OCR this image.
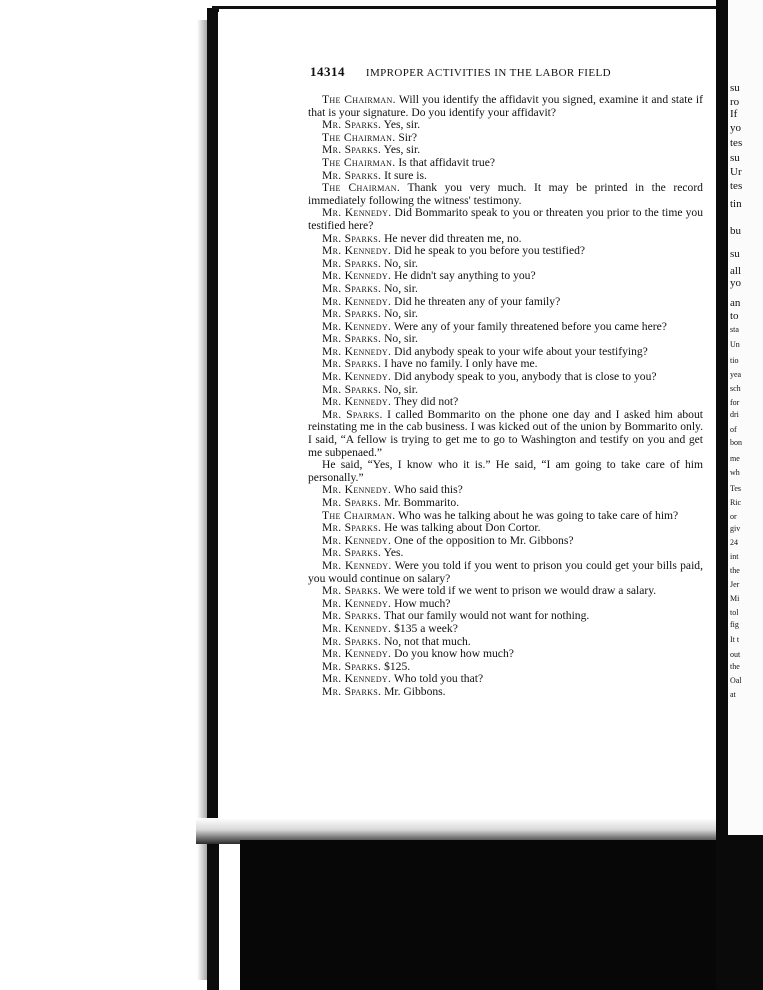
14314 IMPROPER ACTIVITIES IN THE LABOR FIELD

The Chairman. Will you identify the affidavit you signed, examine it and state if that is your signature. Do you identify your affidavit?

Mr. Sparks. Yes, sir.

The Chairman. Sir?

Mr. Sparks. Yes, sir.

The Chairman. Is that affidavit true?

Mr. Sparks. It sure is.

The Chairman. Thank you very much. It may be printed in the record immediately following the witness' testimony.

Mr. Kennedy. Did Bommarito speak to you or threaten you prior to the time you testified here?

Mr. Sparks. He never did threaten me, no.

Mr. Kennedy. Did he speak to you before you testified?

Mr. Sparks. No, sir.

Mr. Kennedy. He didn't say anything to you?

Mr. Sparks. No, sir.

Mr. Kennedy. Did he threaten any of your family?

Mr. Sparks. No, sir.

Mr. Kennedy. Were any of your family threatened before you came here?

Mr. Sparks. No, sir.

Mr. Kennedy. Did anybody speak to your wife about your testifying?

Mr. Sparks. I have no family. I only have me.

Mr. Kennedy. Did anybody speak to you, anybody that is close to you?

Mr. Sparks. No, sir.

Mr. Kennedy. They did not?

Mr. Sparks. I called Bommarito on the phone one day and I asked him about reinstating me in the cab business. I was kicked out of the union by Bommarito only. I said, “A fellow is trying to get me to go to Washington and testify on you and get me subpenaed.”

He said, “Yes, I know who it is.” He said, “I am going to take care of him personally.”

Mr. Kennedy. Who said this?

Mr. Sparks. Mr. Bommarito.

The Chairman. Who was he talking about he was going to take care of him?

Mr. Sparks. He was talking about Don Cortor.

Mr. Kennedy. One of the opposition to Mr. Gibbons?

Mr. Sparks. Yes.

Mr. Kennedy. Were you told if you went to prison you could get your bills paid, you would continue on salary?

Mr. Sparks. We were told if we went to prison we would draw a salary.

Mr. Kennedy. How much?

Mr. Sparks. That our family would not want for nothing.

Mr. Kennedy. $135 a week?

Mr. Sparks. No, not that much.

Mr. Kennedy. Do you know how much?

Mr. Sparks. $125.

Mr. Kennedy. Who told you that?

Mr. Sparks. Mr. Gibbons.

su
ro
If
yo
tes
su
Ur
tes
tin
bu
su
all
yo
an
to
sta
Un
tio
yea
sch
for
dri
of
bon
me
wh
Tes
Ric
or
giv
24
int
the
Jer
Mi
tol
fig
It t
out
the
Oal
at
